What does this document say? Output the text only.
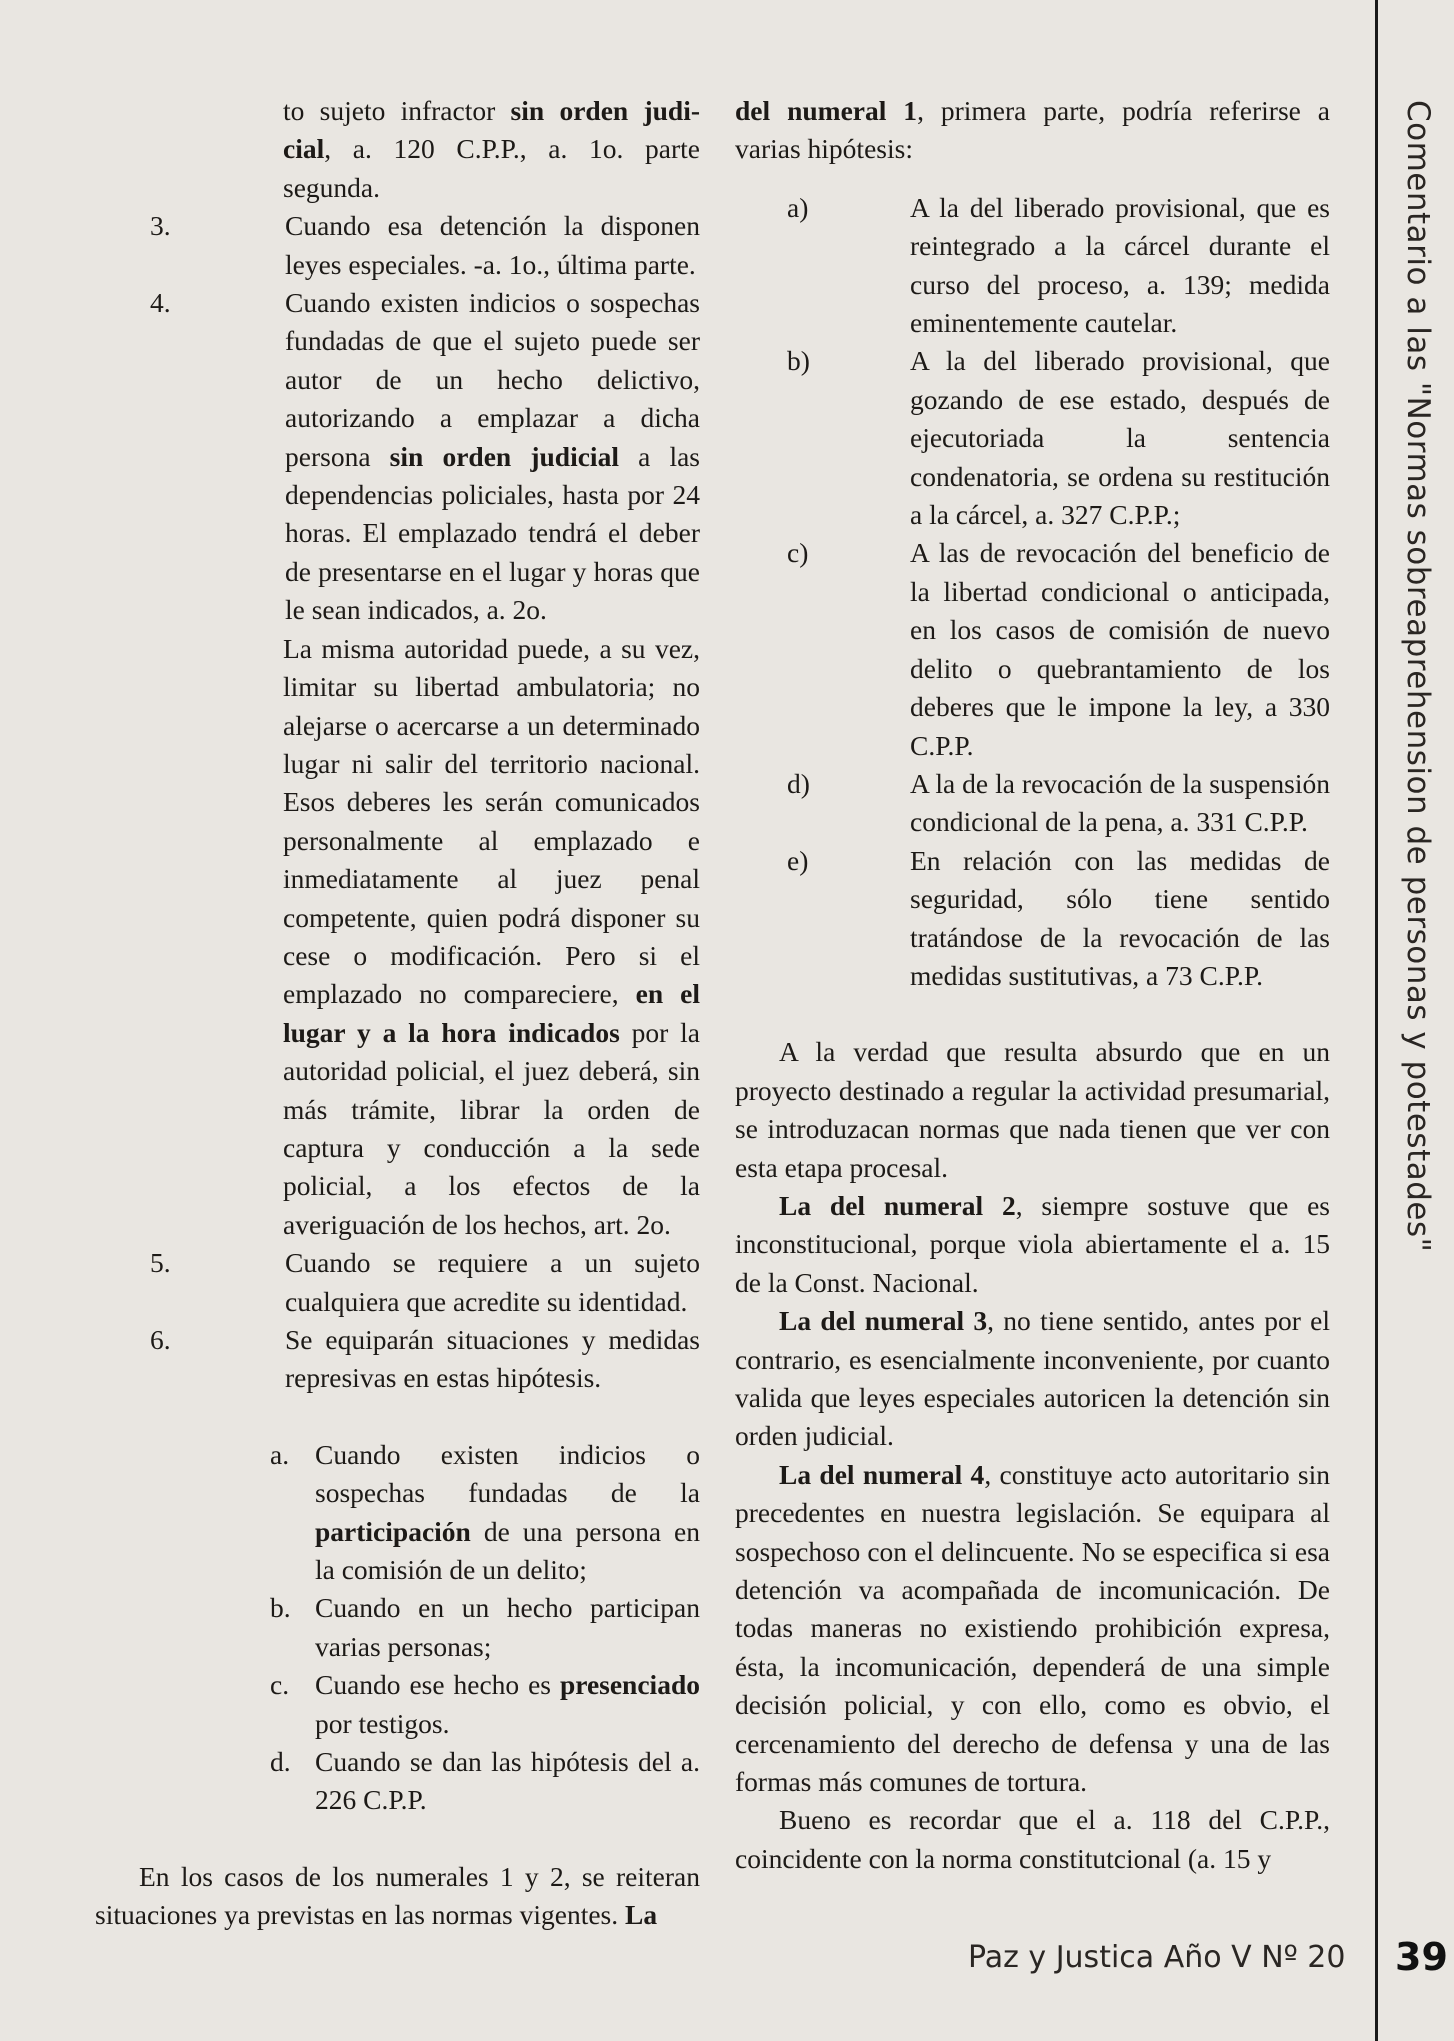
to sujeto infractor sin orden judi-cial, a. 120 C.P.P., a. 1o. parte segunda.
3.	Cuando esa detención la disponen leyes especiales. -a. 1o., última parte.
4.	Cuando existen indicios o sospechas fundadas de que el sujeto puede ser autor de un hecho delictivo, autorizando a emplazar a dicha persona sin orden judicial a las dependencias policiales, hasta por 24 horas. El emplazado tendrá el deber de presentarse en el lugar y horas que le sean indicados, a. 2o.
La misma autoridad puede, a su vez, limitar su libertad ambulatoria; no alejarse o acercarse a un determinado lugar ni salir del territorio nacional. Esos deberes les serán comunicados personalmente al emplazado e inmediatamente al juez penal competente, quien podrá disponer su cese o modificación. Pero si el emplazado no compareciere, en el lugar y a la hora indicados por la autoridad policial, el juez deberá, sin más trámite, librar la orden de captura y conducción a la sede policial, a los efectos de la averiguación de los hechos, art. 2o.
5.	Cuando se requiere a un sujeto cualquiera que acredite su identidad.
6.	Se equiparán situaciones y medidas represivas en estas hipótesis.
a. Cuando existen indicios o sospechas fundadas de la participación de una persona en la comisión de un delito;
b. Cuando en un hecho participan varias personas;
c. Cuando ese hecho es presenciado por testigos.
d. Cuando se dan las hipótesis del a. 226 C.P.P.
En los casos de los numerales 1 y 2, se reiteran situaciones ya previstas en las normas vigentes. La
del numeral 1, primera parte, podría referirse a varias hipótesis:
a)	A la del liberado provisional, que es reintegrado a la cárcel durante el curso del proceso, a. 139; medida eminentemente cautelar.
b)	A la del liberado provisional, que gozando de ese estado, después de ejecutoriada la sentencia condenatoria, se ordena su restitución a la cárcel, a. 327 C.P.P.;
c)	A las de revocación del beneficio de la libertad condicional o anticipada, en los casos de comisión de nuevo delito o quebrantamiento de los deberes que le impone la ley, a 330 C.P.P.
d)	A la de la revocación de la suspensión condicional de la pena, a. 331 C.P.P.
e)	En relación con las medidas de seguridad, sólo tiene sentido tratándose de la revocación de las medidas sustitutivas, a 73 C.P.P.
A la verdad que resulta absurdo que en un proyecto destinado a regular la actividad presumarial, se introduzacan normas que nada tienen que ver con esta etapa procesal.
La del numeral 2, siempre sostuve que es inconstitucional, porque viola abiertamente el a. 15 de la Const. Nacional.
La del numeral 3, no tiene sentido, antes por el contrario, es esencialmente inconveniente, por cuanto valida que leyes especiales autoricen la detención sin orden judicial.
La del numeral 4, constituye acto autoritario sin precedentes en nuestra legislación. Se equipara al sospechoso con el delincuente. No se especifica si esa detención va acompañada de incomunicación. De todas maneras no existiendo prohibición expresa, ésta, la incomunicación, dependerá de una simple decisión policial, y con ello, como es obvio, el cercenamiento del derecho de defensa y una de las formas más comunes de tortura.
Bueno es recordar que el a. 118 del C.P.P., coincidente con la norma constitutcional (a. 15 y
Comentario a las "Normas sobreaprehension de personas y potestades"
Paz y Justica Año V Nº 20 39
